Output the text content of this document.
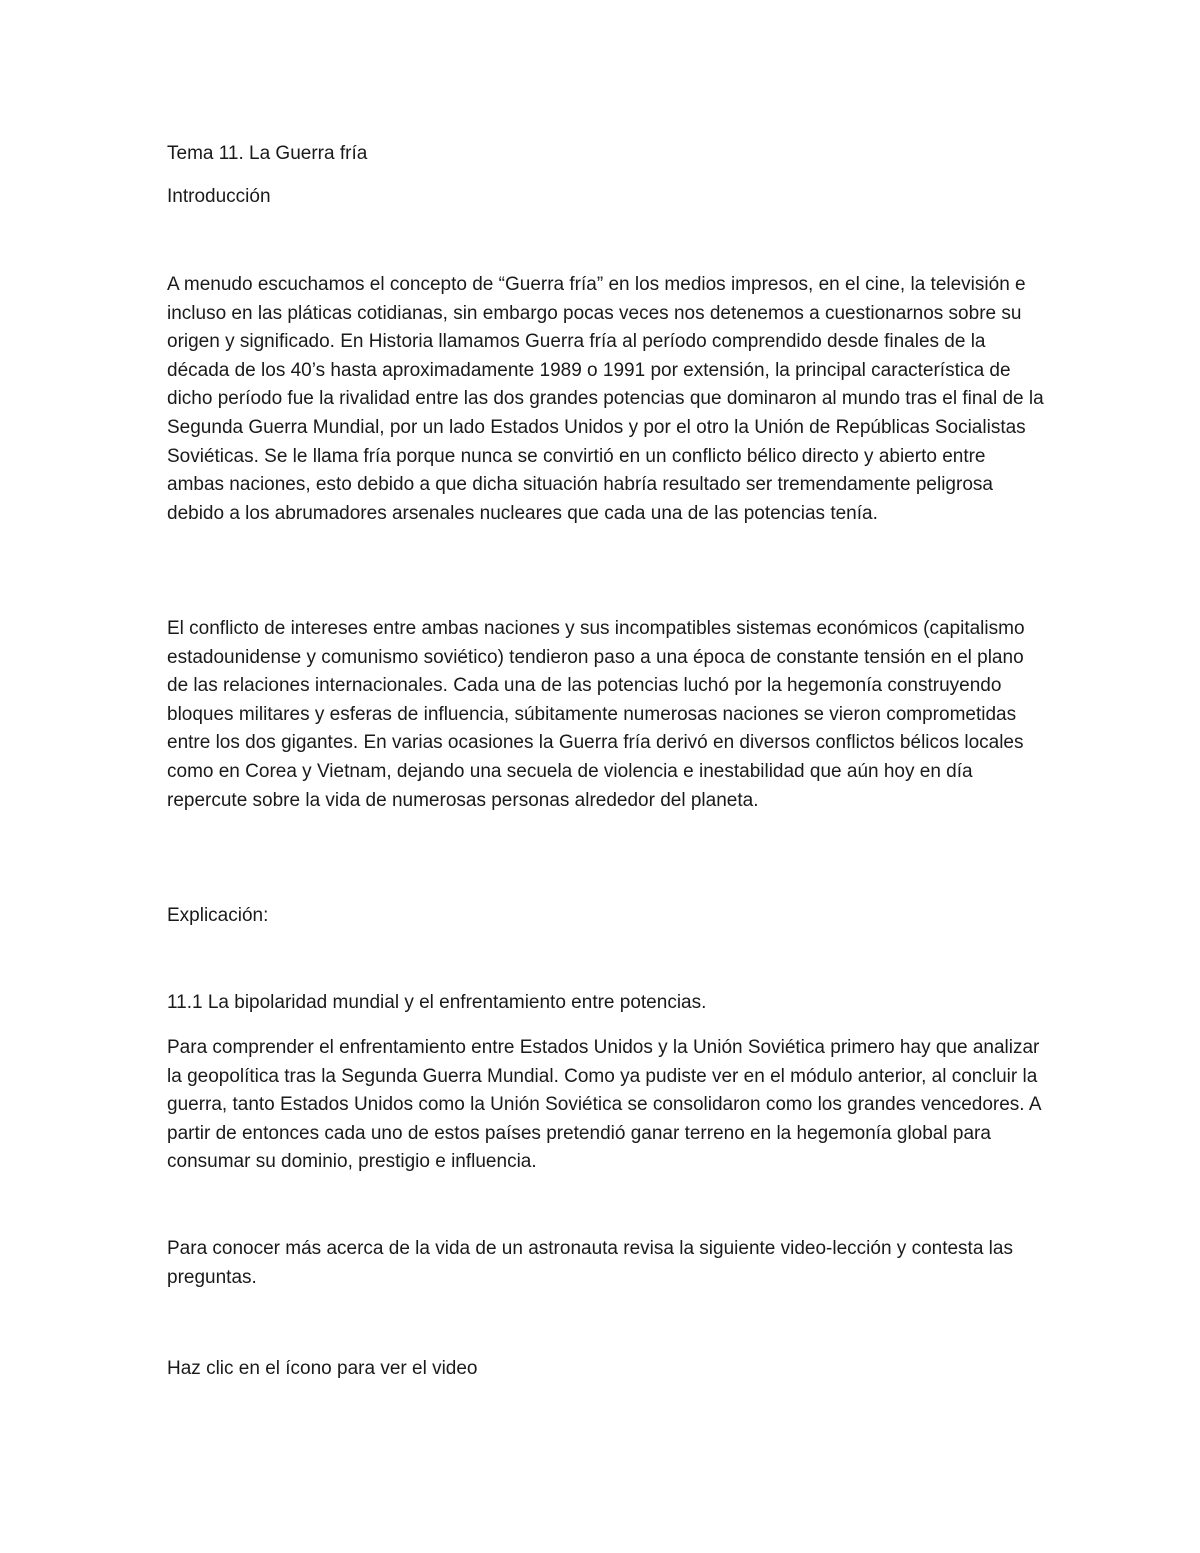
Tema 11. La Guerra fría

Introducción

A menudo escuchamos el concepto de “Guerra fría” en los medios impresos, en el cine, la televisión e incluso en las pláticas cotidianas, sin embargo pocas veces nos detenemos a cuestionarnos sobre su origen y significado. En Historia llamamos Guerra fría al período comprendido desde finales de la década de los 40’s hasta aproximadamente 1989 o 1991 por extensión, la principal característica de dicho período fue la rivalidad entre las dos grandes potencias que dominaron al mundo tras el final de la Segunda Guerra Mundial, por un lado Estados Unidos y por el otro la Unión de Repúblicas Socialistas Soviéticas. Se le llama fría porque nunca se convirtió en un conflicto bélico directo y abierto entre ambas naciones, esto debido a que dicha situación habría resultado ser tremendamente peligrosa debido a los abrumadores arsenales nucleares que cada una de las potencias tenía.

El conflicto de intereses entre ambas naciones y sus incompatibles sistemas económicos (capitalismo estadounidense y comunismo soviético) tendieron paso a una época de constante tensión en el plano de las relaciones internacionales. Cada una de las potencias luchó por la hegemonía construyendo bloques militares y esferas de influencia, súbitamente numerosas naciones se vieron comprometidas entre los dos gigantes. En varias ocasiones la Guerra fría derivó en diversos conflictos bélicos locales como en Corea y Vietnam, dejando una secuela de violencia e inestabilidad que aún hoy en día repercute sobre la vida de numerosas personas alrededor del planeta.

Explicación:

11.1 La bipolaridad mundial y el enfrentamiento entre potencias.

Para comprender el enfrentamiento entre Estados Unidos y la Unión Soviética primero hay que analizar la geopolítica tras la Segunda Guerra Mundial. Como ya pudiste ver en el módulo anterior, al concluir la guerra, tanto Estados Unidos como la Unión Soviética se consolidaron como los grandes vencedores. A partir de entonces cada uno de estos países pretendió ganar terreno en la hegemonía global para consumar su dominio, prestigio e influencia.

Para conocer más acerca de la vida de un astronauta revisa la siguiente video-lección y contesta las preguntas.

Haz clic en el ícono para ver el video
